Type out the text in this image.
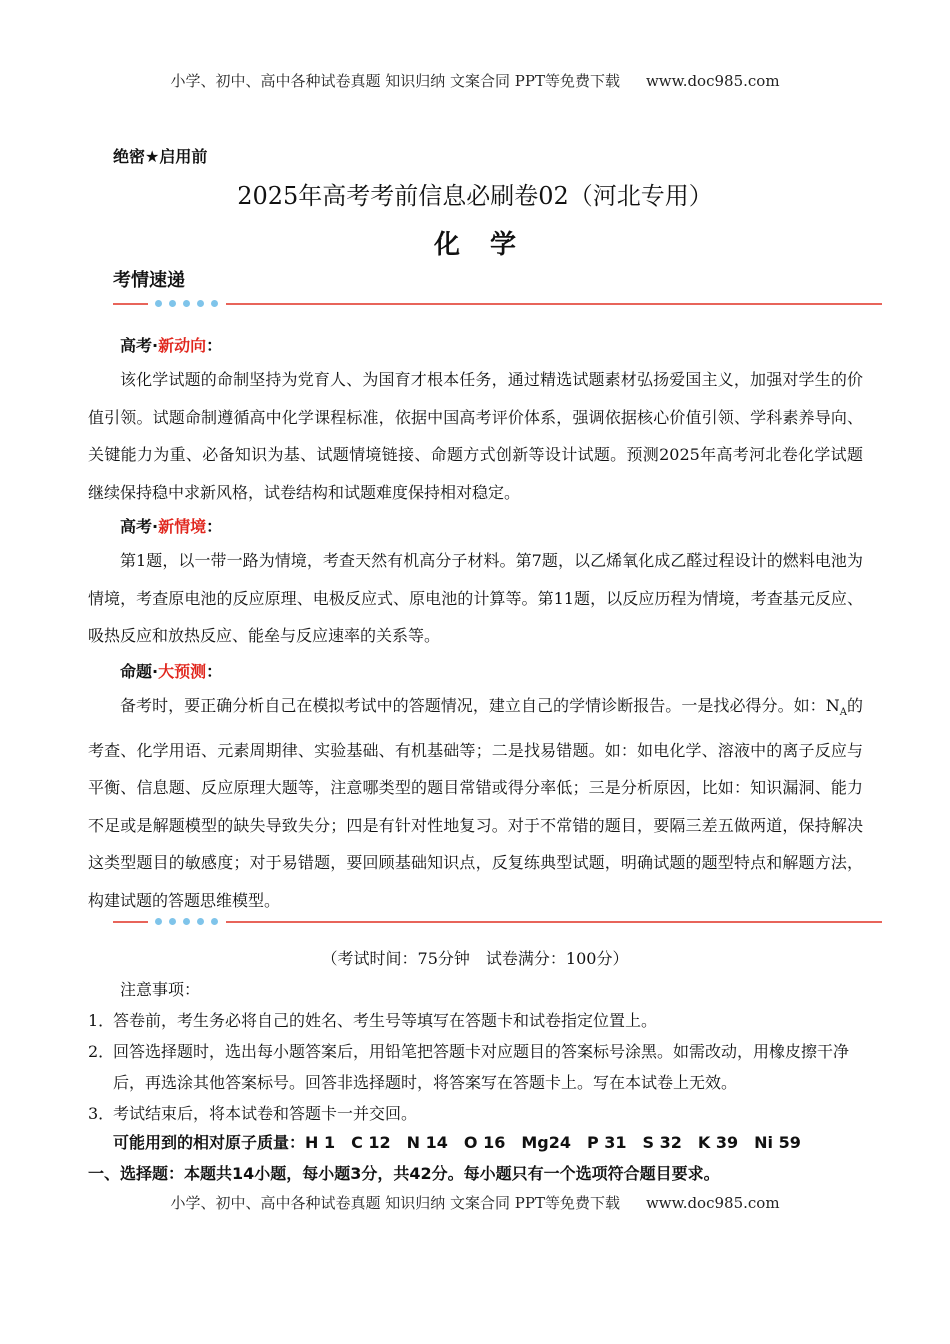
小学、初中、高中各种试卷真题 知识归纳 文案合同 PPT等免费下载 www.doc985.com
绝密★启用前
2025年高考考前信息必刷卷02（河北专用）
化学
考情速递
高考·新动向：
该化学试题的命制坚持为党育人、为国育才根本任务，通过精选试题素材弘扬爱国主义，加强对学生的价值引领。试题命制遵循高中化学课程标准，依据中国高考评价体系，强调依据核心价值引领、学科素养导向、关键能力为重、必备知识为基、试题情境链接、命题方式创新等设计试题。预测2025年高考河北卷化学试题继续保持稳中求新风格，试卷结构和试题难度保持相对稳定。
高考·新情境：
第1题，以一带一路为情境，考查天然有机高分子材料。第7题，以乙烯氧化成乙醛过程设计的燃料电池为情境，考查原电池的反应原理、电极反应式、原电池的计算等。第11题，以反应历程为情境，考查基元反应、吸热反应和放热反应、能垒与反应速率的关系等。
命题·大预测：
备考时，要正确分析自己在模拟考试中的答题情况，建立自己的学情诊断报告。一是找必得分。如：$N_A$的考查、化学用语、元素周期律、实验基础、有机基础等；二是找易错题。如：如电化学、溶液中的离子反应与平衡、信息题、反应原理大题等，注意哪类型的题目常错或得分率低；三是分析原因，比如：知识漏洞、能力不足或是解题模型的缺失导致失分；四是有针对性地复习。对于不常错的题目，要隔三差五做两道，保持解决这类型题目的敏感度；对于易错题，要回顾基础知识点，反复练典型试题，明确试题的题型特点和解题方法，构建试题的答题思维模型。
（考试时间：75分钟　试卷满分：100分）
注意事项：
1．
答卷前，考生务必将自己的姓名、考生号等填写在答题卡和试卷指定位置上。
2．
回答选择题时，选出每小题答案后，用铅笔把答题卡对应题目的答案标号涂黑。如需改动，用橡皮擦干净后，再选涂其他答案标号。回答非选择题时，将答案写在答题卡上。写在本试卷上无效。
3．
考试结束后，将本试卷和答题卡一并交回。
可能用到的相对原子质量：H 1　C 12　N 14　O 16　Mg24　P 31　S 32　K 39　Ni 59
一、选择题：本题共14小题，每小题3分，共42分。每小题只有一个选项符合题目要求。
小学、初中、高中各种试卷真题 知识归纳 文案合同 PPT等免费下载 www.doc985.com
